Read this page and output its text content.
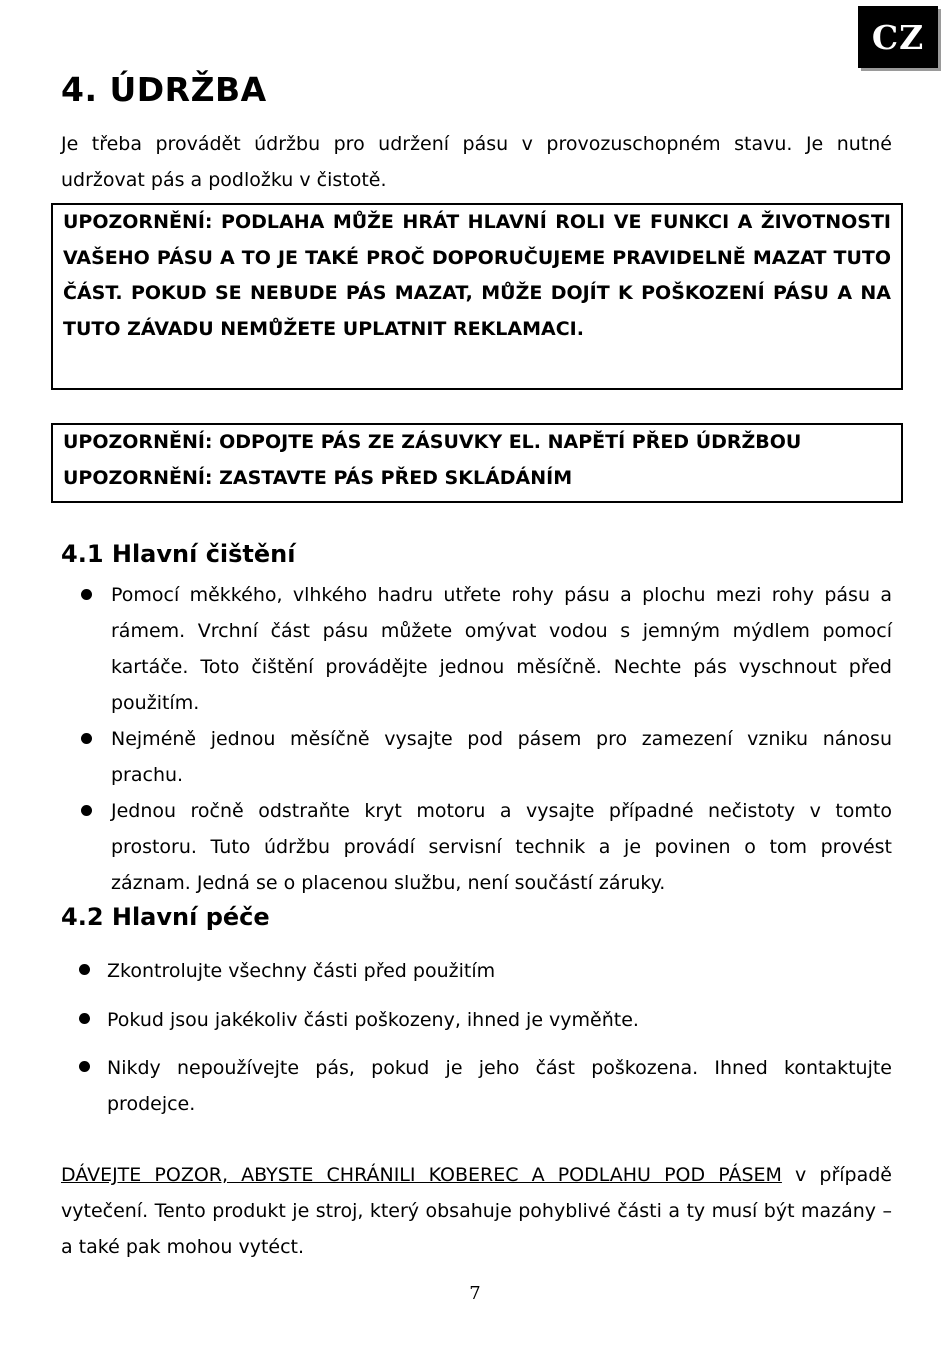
CZ
4. ÚDRŽBA

Je třeba provádět údržbu pro udržení pásu v provozuschopném stavu. Je nutné udržovat pás a podložku v čistotě.

UPOZORNĚNÍ: PODLAHA MŮŽE HRÁT HLAVNÍ ROLI VE FUNKCI A ŽIVOTNOSTI VAŠEHO PÁSU A TO JE TAKÉ PROČ DOPORUČUJEME PRAVIDELNĚ MAZAT TUTO ČÁST. POKUD SE NEBUDE PÁS MAZAT, MŮŽE DOJÍT K POŠKOZENÍ PÁSU A NA TUTO ZÁVADU NEMŮŽETE UPLATNIT REKLAMACI.

UPOZORNĚNÍ: ODPOJTE PÁS ZE ZÁSUVKY EL. NAPĚTÍ PŘED ÚDRŽBOU

UPOZORNĚNÍ: ZASTAVTE PÁS PŘED SKLÁDÁNÍM

4.1 Hlavní čištění
Pomocí měkkého, vlhkého hadru utřete rohy pásu a plochu mezi rohy pásu a rámem. Vrchní část pásu můžete omývat vodou s jemným mýdlem pomocí kartáče. Toto čištění provádějte jednou měsíčně. Nechte pás vyschnout před použitím.
Nejméně jednou měsíčně vysajte pod pásem pro zamezení vzniku nánosu prachu.
Jednou ročně odstraňte kryt motoru a vysajte případné nečistoty v tomto prostoru. Tuto údržbu provádí servisní technik a je povinen o tom provést záznam. Jedná se o placenou službu, není součástí záruky.
4.2 Hlavní péče
Zkontrolujte všechny části před použitím
Pokud jsou jakékoliv části poškozeny, ihned je vyměňte.
Nikdy nepoužívejte pás, pokud je jeho část poškozena. Ihned kontaktujte prodejce.

DÁVEJTE POZOR, ABYSTE CHRÁNILI KOBEREC A PODLAHU POD PÁSEM v případě vytečení. Tento produkt je stroj, který obsahuje pohyblivé části a ty musí být mazány – a také pak mohou vytéct.

7
